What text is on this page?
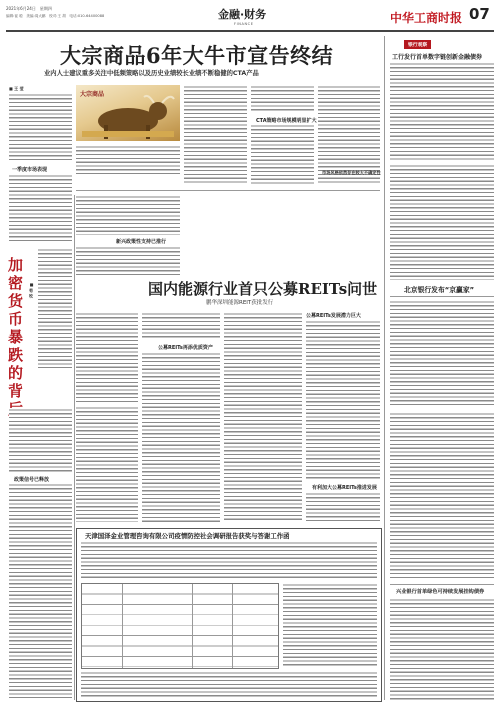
2021年6月24日　星期四
编辑:崔 聪　美编:周大鹏　校对:王 胡　电话:010-64400088	金融·财务
FINANCE	中华工商时报 07
大宗商品6年大牛市宣告终结
业内人士建议重多关注中低频策略以及历史业绩较长业绩不断稳健的CTA产品
■ 王 莹
一季度市场表现
大宗商品
CTA策略市场规模明显扩大
市场风格依然存在较大不确定性
加密货币暴跌的背
■ 荀 牧
政策信号已释放
新兴政策性支持已推行
国内能源行业首只公募REITs问世
鹏华深圳能源REIT获批发行
公募REITs再添优质资产
公募REITs发展潜力巨大
有利加大公募REITs推进发展
天津国泽金业管理咨询有限公司疫情防控社会调研报告获奖与答谢工作函
银行观察
工行发行首单数字链创新金融债券
北京银行发布“京赢家”
兴业银行首单绿色可持续发展挂钩债券
